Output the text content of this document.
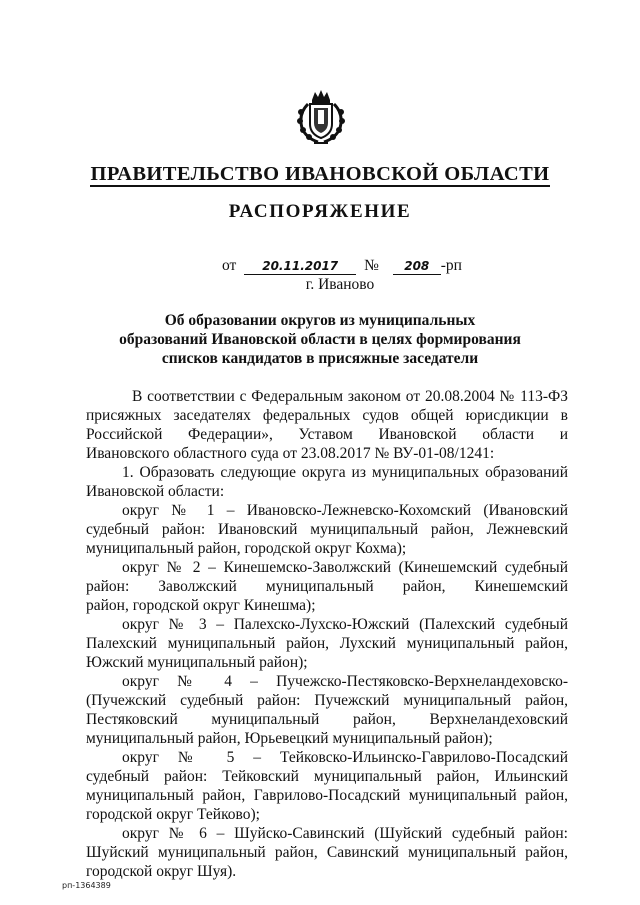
ПРАВИТЕЛЬСТВО ИВАНОВСКОЙ ОБЛАСТИ
РАСПОРЯЖЕНИЕ
от 20.11.2017 № 208 -рп
г. Иваново
Об образовании округов из муниципальных
образований Ивановской области в целях формирования
списков кандидатов в присяжные заседатели
В соответствии с Федеральным законом от 20.08.2004 № 113-ФЗ
присяжных заседателях федеральных судов общей юрисдикции в
Российской Федерации», Уставом Ивановской области и
Ивановского областного суда от 23.08.2017 № ВУ-01-08/1241:
1. Образовать следующие округа из муниципальных образований
Ивановской области:
округ № 1 – Ивановско-Лежневско-Кохомский (Ивановский
судебный район: Ивановский муниципальный район, Лежневский
муниципальный район, городской округ Кохма);
округ № 2 – Кинешемско-Заволжский (Кинешемский судебный
район: Заволжский муниципальный район, Кинешемский
район, городской округ Кинешма);
округ № 3 – Палехско-Лухско-Южский (Палехский судебный
Палехский муниципальный район, Лухский муниципальный район,
Южский муниципальный район);
округ № 4 – Пучежско-Пестяковско-Верхнеландеховско-
(Пучежский судебный район: Пучежский муниципальный район,
Пестяковский муниципальный район, Верхнеландеховский
муниципальный район, Юрьевецкий муниципальный район);
округ № 5 – Тейковско-Ильинско-Гаврилово-Посадский
судебный район: Тейковский муниципальный район, Ильинский
муниципальный район, Гаврилово-Посадский муниципальный район,
городской округ Тейково);
округ № 6 – Шуйско-Савинский (Шуйский судебный район:
Шуйский муниципальный район, Савинский муниципальный район,
городской округ Шуя).
рп-1364389
